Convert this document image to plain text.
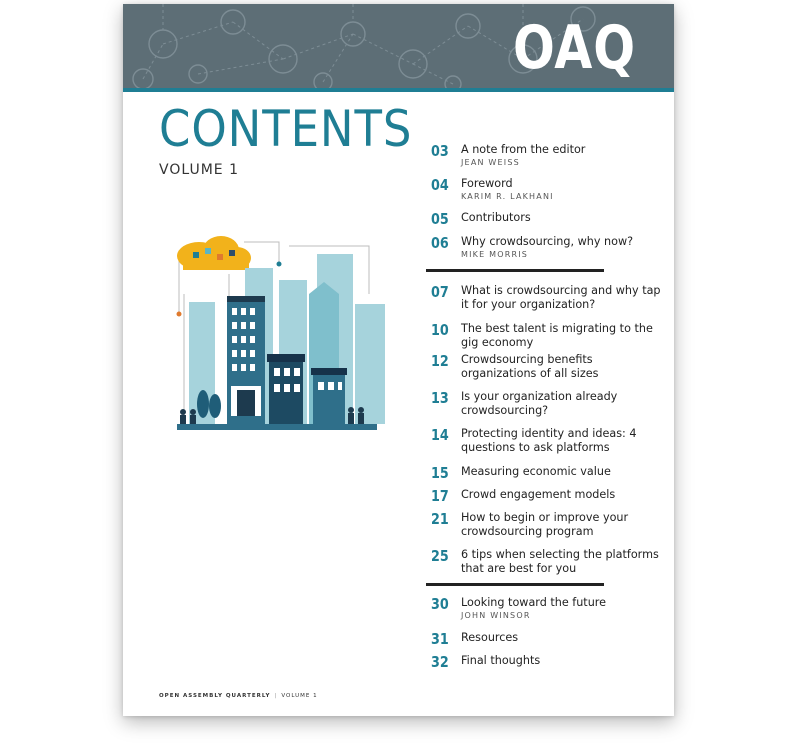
OAQ
CONTENTS
VOLUME 1
03 A note from the editor
JEAN WEISS
04 Foreword
KARIM R. LAKHANI
05 Contributors
06 Why crowdsourcing, why now?
MIKE MORRIS
07 What is crowdsourcing and why tap it for your organization?
10 The best talent is migrating to the gig economy
12 Crowdsourcing benefits organizations of all sizes
13 Is your organization already crowdsourcing?
14 Protecting identity and ideas: 4 questions to ask platforms
15 Measuring economic value
17 Crowd engagement models
21 How to begin or improve your crowdsourcing program
25 6 tips when selecting the platforms that are best for you
30 Looking toward the future
JOHN WINSOR
31 Resources
32 Final thoughts
OPEN ASSEMBLY QUARTERLY | VOLUME 1
